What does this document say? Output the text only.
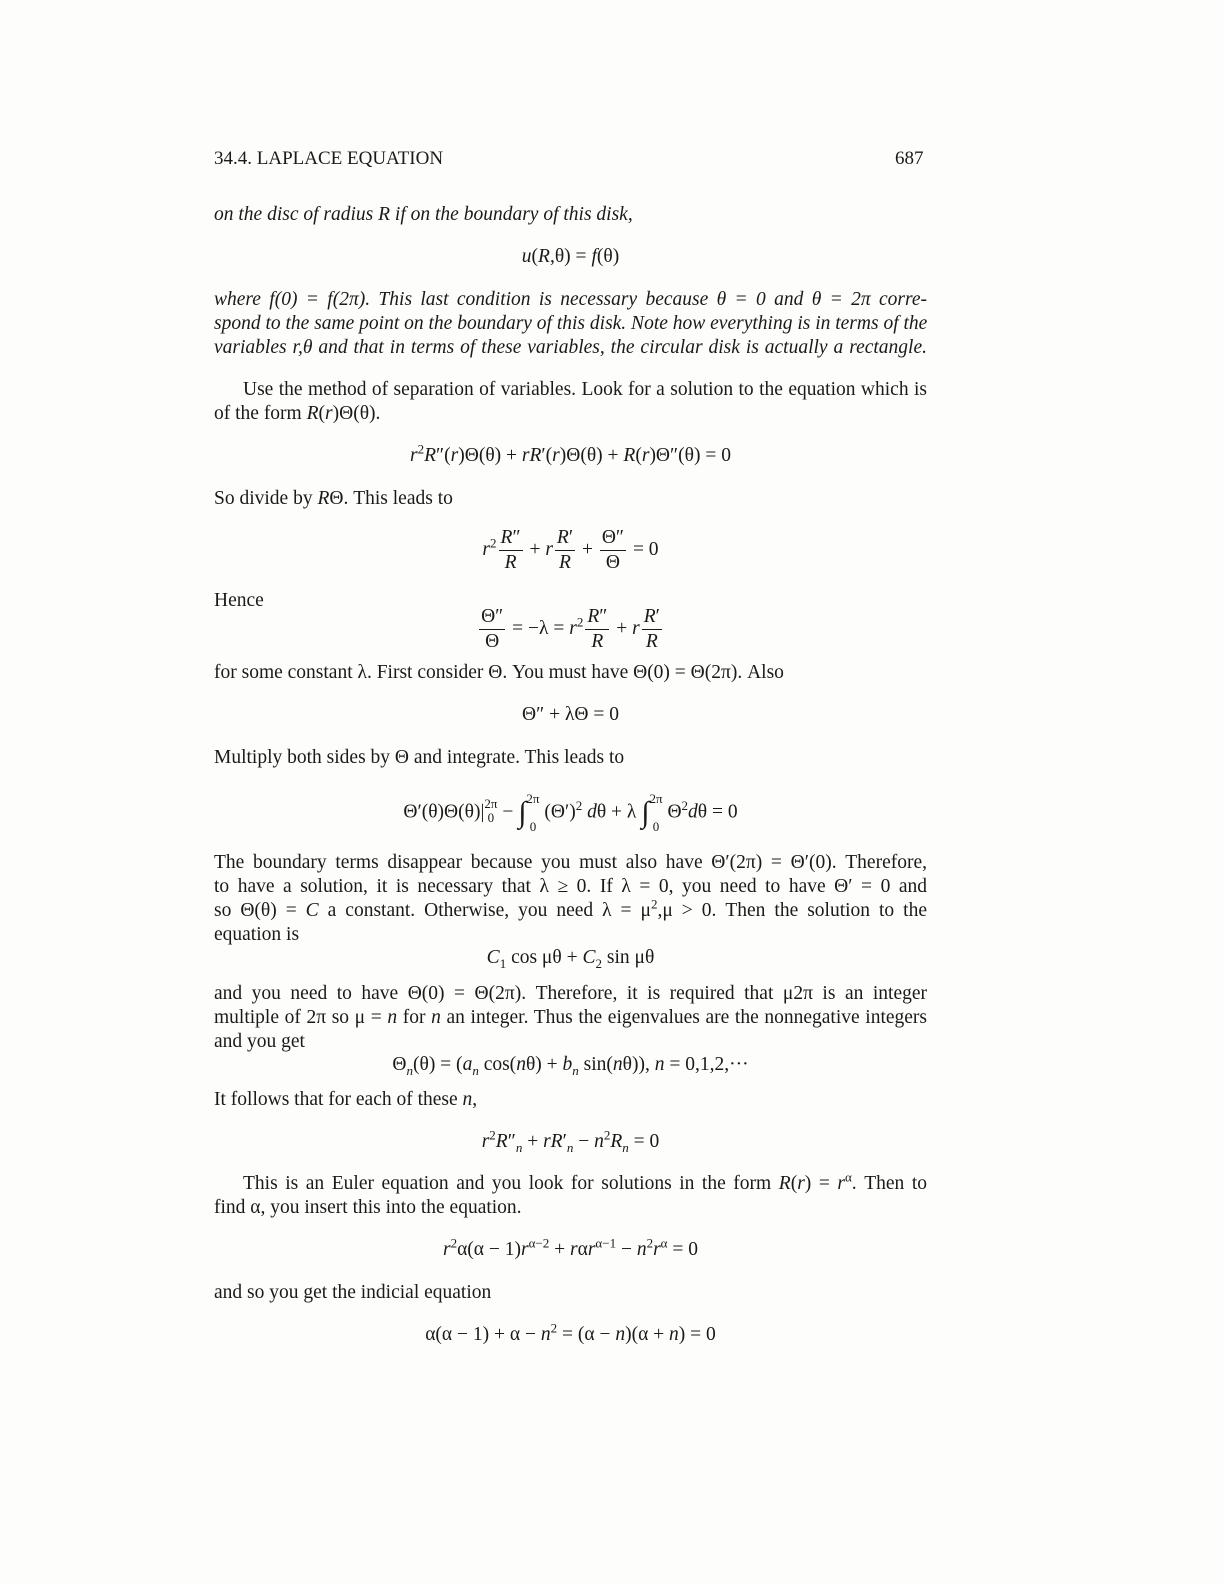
34.4. LAPLACE EQUATION	687
on the disc of radius R if on the boundary of this disk,
u(R,θ) = f(θ)
where f(0) = f(2π). This last condition is necessary because θ = 0 and θ = 2π corre-
spond to the same point on the boundary of this disk. Note how everything is in terms of the
variables r,θ and that in terms of these variables, the circular disk is actually a rectangle.
Use the method of separation of variables. Look for a solution to the equation which is
of the form R(r)Θ(θ).
$r^2R''(r)\Theta(\theta) + rR'(r)\Theta(\theta) + R(r)\Theta''(\theta) = 0$
So divide by RΘ. This leads to
$r^2 \frac{R''}{R} + r \frac{R'}{R} + \frac{\Theta''}{\Theta} = 0$
Hence
$\frac{\Theta''}{\Theta} = -\lambda = r^2 \frac{R''}{R} + r \frac{R'}{R}$
for some constant λ. First consider Θ. You must have Θ(0) = Θ(2π). Also
Θ″ + λΘ = 0
Multiply both sides by Θ and integrate. This leads to
Θ′(θ)Θ(θ)| 2π
0 − ∫ 2π

0
$(\Theta')^2$ dθ + λ ∫ 2π

0
$\Theta^2d\theta = 0$
The boundary terms disappear because you must also have Θ′(2π) = Θ′(0). Therefore,
to have a solution, it is necessary that λ ≥ 0. If λ = 0, you need to have Θ′ = 0 and
so Θ(θ) = C a constant. Otherwise, you need $\lambda = \mu^2,\mu > 0$. Then the solution to the
equation is
$C_1$ $\cos \mu\theta + C_2$ sin μθ
and you need to have Θ(0) = Θ(2π). Therefore, it is required that μ2π is an integer
multiple of 2π so μ = n for n an integer. Thus the eigenvalues are the nonnegative integers
and you get
$\Theta_n(\theta) = (a_n$ $\cos(n\theta) + b_n$ sin(nθ)), n = 0,1,2,···
It follows that for each of these n,
$r^2R''_n + rR'_n - n^2R_n = 0$
This is an Euler equation and you look for solutions in the form $R(r) = r^\alpha$. Then to
find α, you insert this into the equation.
$r^2\alpha(\alpha - 1)r^{\alpha-2} + r\alpha r^{\alpha-1} - n^2r^\alpha = 0$
and so you get the indicial equation
$\alpha(\alpha - 1) + \alpha - n^2 = (\alpha - n)(\alpha + n) = 0$
